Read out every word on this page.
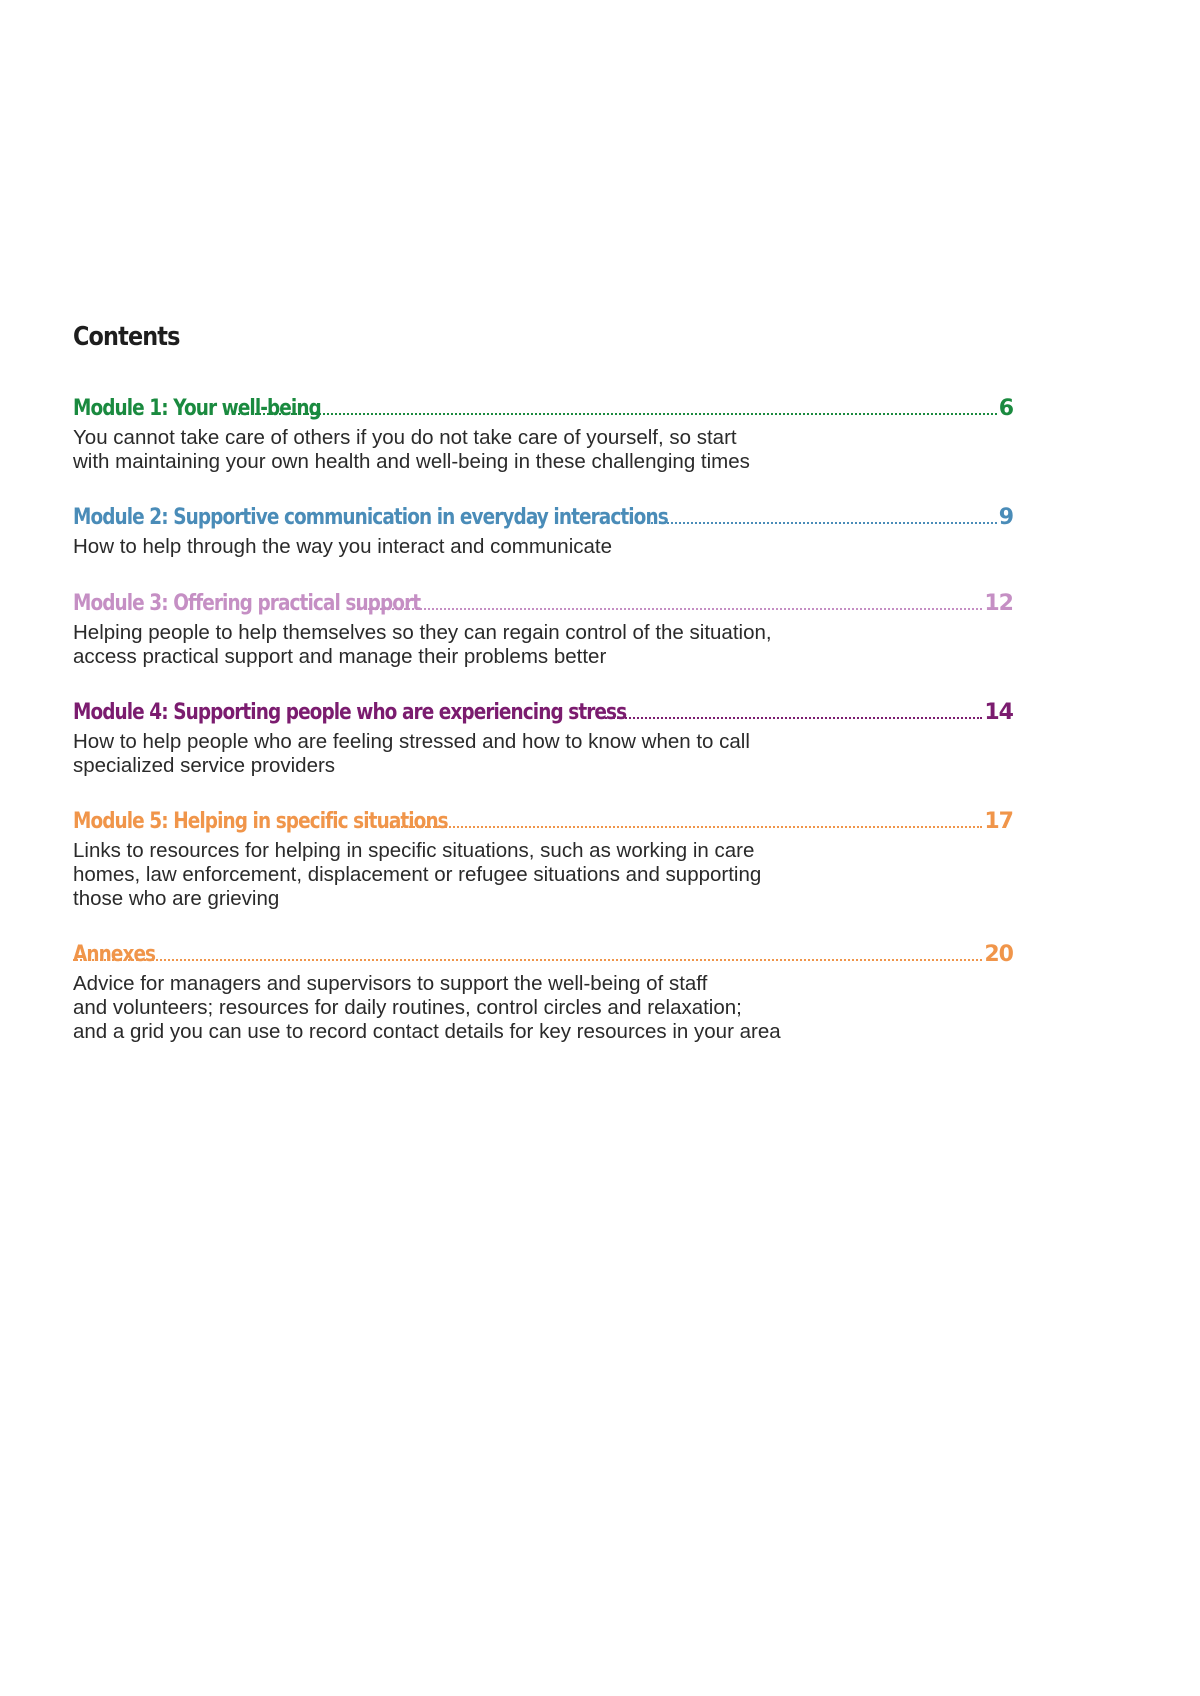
Contents
Module 1: Your well-being	6
You cannot take care of others if you do not take care of yourself, so start
with maintaining your own health and well-being in these challenging times
Module 2: Supportive communication in everyday interactions	9
How to help through the way you interact and communicate
Module 3: Offering practical support	12
Helping people to help themselves so they can regain control of the situation,
access practical support and manage their problems better
Module 4: Supporting people who are experiencing stress	14
How to help people who are feeling stressed and how to know when to call
specialized service providers
Module 5: Helping in specific situations	17
Links to resources for helping in specific situations, such as working in care
homes, law enforcement, displacement or refugee situations and supporting
those who are grieving
Annexes	20
Advice for managers and supervisors to support the well-being of staff
and volunteers; resources for daily routines, control circles and relaxation;
and a grid you can use to record contact details for key resources in your area
